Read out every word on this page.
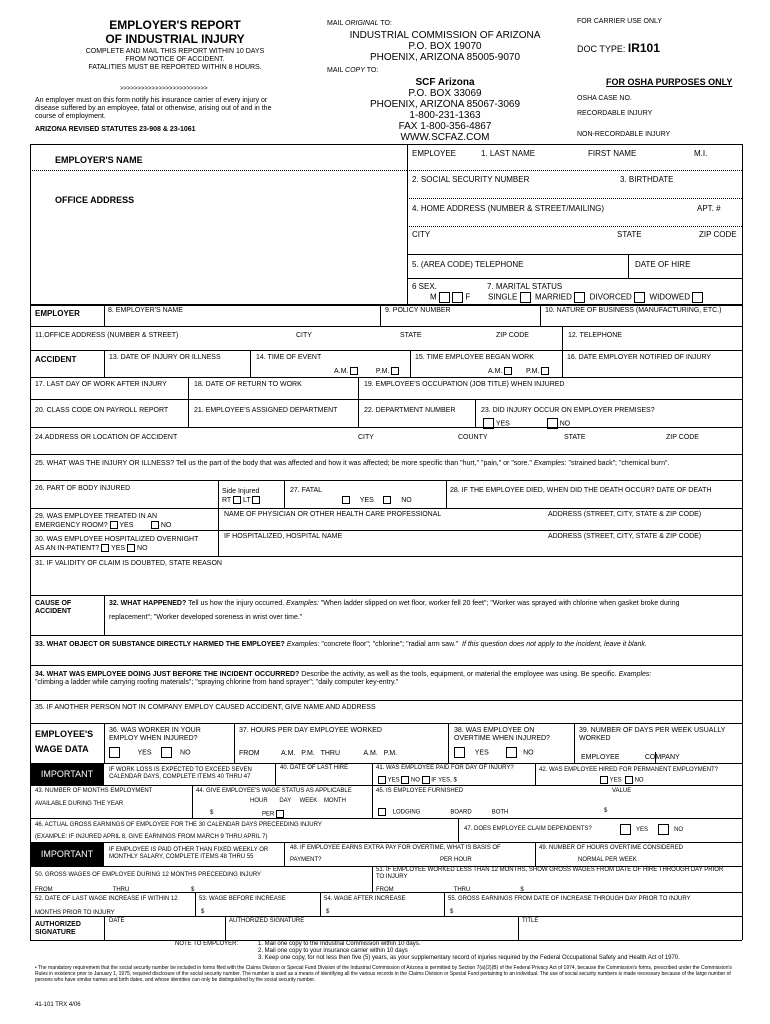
EMPLOYER'S REPORT
OF INDUSTRIAL INJURY
COMPLETE AND MAIL THIS REPORT WITHIN 10 DAYS
FROM NOTICE OF ACCIDENT.
FATALITIES MUST BE REPORTED WITHIN 8 HOURS.
>>>>>>>>>>>>>>>>>>>>>>>>>
An employer must on this form notify his insurance carrier of every injury or disease suffered by an employee, fatal or otherwise, arising out of and in the course of employment.
ARIZONA REVISED STATUTES 23-908 & 23-1061
MAIL ORIGINAL TO:
INDUSTRIAL COMMISSION OF ARIZONA
P.O. BOX 19070
PHOENIX, ARIZONA 85005-9070
MAIL COPY TO:
SCF Arizona
P.O. BOX 33069
PHOENIX, ARIZONA 85067-3069
1-800-231-1363
FAX 1-800-356-4867
WWW.SCFAZ.COM
FOR CARRIER USE ONLY
DOC TYPE: IR101
FOR OSHA PURPOSES ONLY
OSHA CASE NO.
RECORDABLE INJURY
NON-RECORDABLE INJURY
EMPLOYER'S NAME
OFFICE ADDRESS
EMPLOYEE	1. LAST NAME	FIRST NAME	M.I.
2. SOCIAL SECURITY NUMBER	3. BIRTHDATE
4. HOME ADDRESS (NUMBER & STREET/MAILING)	APT. #
CITY	STATE	ZIP CODE
5. (AREA CODE) TELEPHONE	DATE OF HIRE
6 SEX.	7. MARITAL STATUS
M	F SINGLE MARRIED DIVORCED WIDOWED
EMPLOYER	8. EMPLOYER'S NAME	9. POLICY NUMBER	10. NATURE OF BUSINESS (MANUFACTURING, ETC.)
11.OFFICE ADDRESS (NUMBER & STREET)	CITY	STATE	ZIP CODE	12. TELEPHONE
ACCIDENT	13. DATE OF INJURY OR ILLNESS	14. TIME OF EVENT
A.M.	P.M.
15. TIME EMPLOYEE BEGAN WORK
A.M.	P.M.
16. DATE EMPLOYER NOTIFIED OF INJURY
17. LAST DAY OF WORK AFTER INJURY	18. DATE OF RETURN TO WORK	19. EMPLOYEE'S OCCUPATION (JOB TITLE) WHEN INJURED
20. CLASS CODE ON PAYROLL REPORT	21. EMPLOYEE'S ASSIGNED DEPARTMENT	22. DEPARTMENT NUMBER	23. DID INJURY OCCUR ON EMPLOYER PREMISES?
YES	NO
24.ADDRESS OR LOCATION OF ACCIDENT	CITY	COUNTY	STATE	ZIP CODE
25. WHAT WAS THE INJURY OR ILLNESS? Tell us the part of the body that was affected and how it was affected; be more specific than "hurt," "pain," or "sore." Examples: "strained back"; "chemical burn".
26. PART OF BODY INJURED	Side Injured
RT LT
27. FATAL
YES	NO
28. IF THE EMPLOYEE DIED, WHEN DID THE DEATH OCCUR? DATE OF DEATH
29. WAS EMPLOYEE TREATED IN AN
EMERGENCY ROOM? YES	NO
NAME OF PHYSICIAN OR OTHER HEALTH CARE PROFESSIONAL	ADDRESS (STREET, CITY, STATE & ZIP CODE)
30. WAS EMPLOYEE HOSPITALIZED OVERNIGHT
AS AN IN-PATIENT? YES NO
IF HOSPITALIZED, HOSPITAL NAME	ADDRESS (STREET, CITY, STATE & ZIP CODE)
31. IF VALIDITY OF CLAIM IS DOUBTED, STATE REASON
CAUSE OF
ACCIDENT
32. WHAT HAPPENED? Tell us how the injury occurred. Examples: "When ladder slipped on wet floor, worker fell 20 feet"; "Worker was sprayed with chlorine when gasket broke during
replacement"; "Worker developed soreness in wrist over time."
33. WHAT OBJECT OR SUBSTANCE DIRECTLY HARMED THE EMPLOYEE? Examples: "concrete floor"; "chlorine"; "radial arm saw." If this question does not apply to the incident, leave it blank.
34. WHAT WAS EMPLOYEE DOING JUST BEFORE THE INCIDENT OCCURRED? Describe the activity, as well as the tools, equipment, or material the employee was using. Be specific. Examples:
"climbing a ladder while carrying roofing materials"; "spraying chlorine from hand sprayer"; "daily computer key-entry."
35. IF ANOTHER PERSON NOT IN COMPANY EMPLOY CAUSED ACCIDENT, GIVE NAME AND ADDRESS
EMPLOYEE'S
WAGE DATA
36. WAS WORKER IN YOUR
EMPLOY WHEN INJURED?
YES	NO
37. HOURS PER DAY EMPLOYEE WORKED
FROM	A.M. P.M. THRU	A.M. P.M.
38. WAS EMPLOYEE ON
OVERTIME WHEN INJURED?
YES	NO
39. NUMBER OF DAYS PER WEEK USUALLY
WORKED
EMPLOYEE	COMPANY
IMPORTANT	IF WORK LOSS IS EXPECTED TO EXCEED SEVEN
CALENDAR DAYS, COMPLETE ITEMS 40 THRU 47
40. DATE OF LAST HIRE	41. WAS EMPLOYEE PAID FOR DAY OF INJURY?
YES NO IF YES, $
42. WAS EMPLOYEE HIRED FOR PERMANENT EMPLOYMENT?
YES NO
43. NUMBER OF MONTHS EMPLOYMENT
AVAILABLE DURING THE YEAR
44. GIVE EMPLOYEE'S WAGE STATUS AS APPLICABLE
HOUR DAY WEEK MONTH
$	PER
45. IS EMPLOYEE FURNISHED	VALUE
LODGING	BOARD	BOTH	$
46. ACTUAL GROSS EARNINGS OF EMPLOYEE FOR THE 30 CALENDAR DAYS PRECEEDING INJURY
(EXAMPLE: IF INJURED APRIL 8, GIVE EARNINGS FROM MARCH 9 THRU APRIL 7)
47. DOES EMPLOYEE CLAIM DEPENDENTS?	YES	NO
IMPORTANT	IF EMPLOYEE IS PAID OTHER THAN FIXED WEEKLY OR
MONTHLY SALARY, COMPLETE ITEMS 48 THRU 55
48. IF EMPLOYEE EARNS EXTRA PAY FOR OVERTIME, WHAT IS BASIS OF
PAYMENT?	PER HOUR
49. NUMBER OF HOURS OVERTIME CONSIDERED
NORMAL PER WEEK
50. GROSS WAGES OF EMPLOYEE DURING 12 MONTHS PRECEEDING INJURY
FROM	THRU	$
51. IF EMPLOYEE WORKED LESS THAN 12 MONTHS, SHOW GROSS WAGES FROM DATE OF HIRE THROUGH DAY PRIOR
TO INJURY
FROM	THRU	$
52. DATE OF LAST WAGE INCREASE IF WITHIN 12
MONTHS PRIOR TO INJURY
53. WAGE BEFORE INCREASE
$
54. WAGE AFTER INCREASE
$
55. GROSS EARNINGS FROM DATE OF INCREASE THROUGH DAY PRIOR TO INJURY
$
AUTHORIZED
SIGNATURE
DATE	AUTHORIZED SIGNATURE	TITLE
NOTE TO EMPLOYER:	1. Mail one copy to the Industrial Commission within 10 days.
2. Mail one copy to your insurance carrier within 10 days
3. Keep one copy, for not less then five (5) years, as your supplementary record of injuries required by the Federal Occupational Safety and Health Act of 1970.
• The mandatory requirement that the social security number be included in forms filed with the Claims Division or Special Fund Division of the Industrial Commission of Arizona is permitted by Section 7(a)(2)(B) of the Federal Privacy Act of 1974, because the Commission's forms, prescribed under the Commission's Rules in existence prior to January 1, 1975, required disclosure of the social security number. The number is used as a means of identifying all the various records in the Claims Division or Special Fund pertaining to an individual. The use of social security numbers is made necessary because of the large number of persons who have similar names and birth dates, and whose identities can only be distinguished by the social security number.
41-101 TRX 4/06
